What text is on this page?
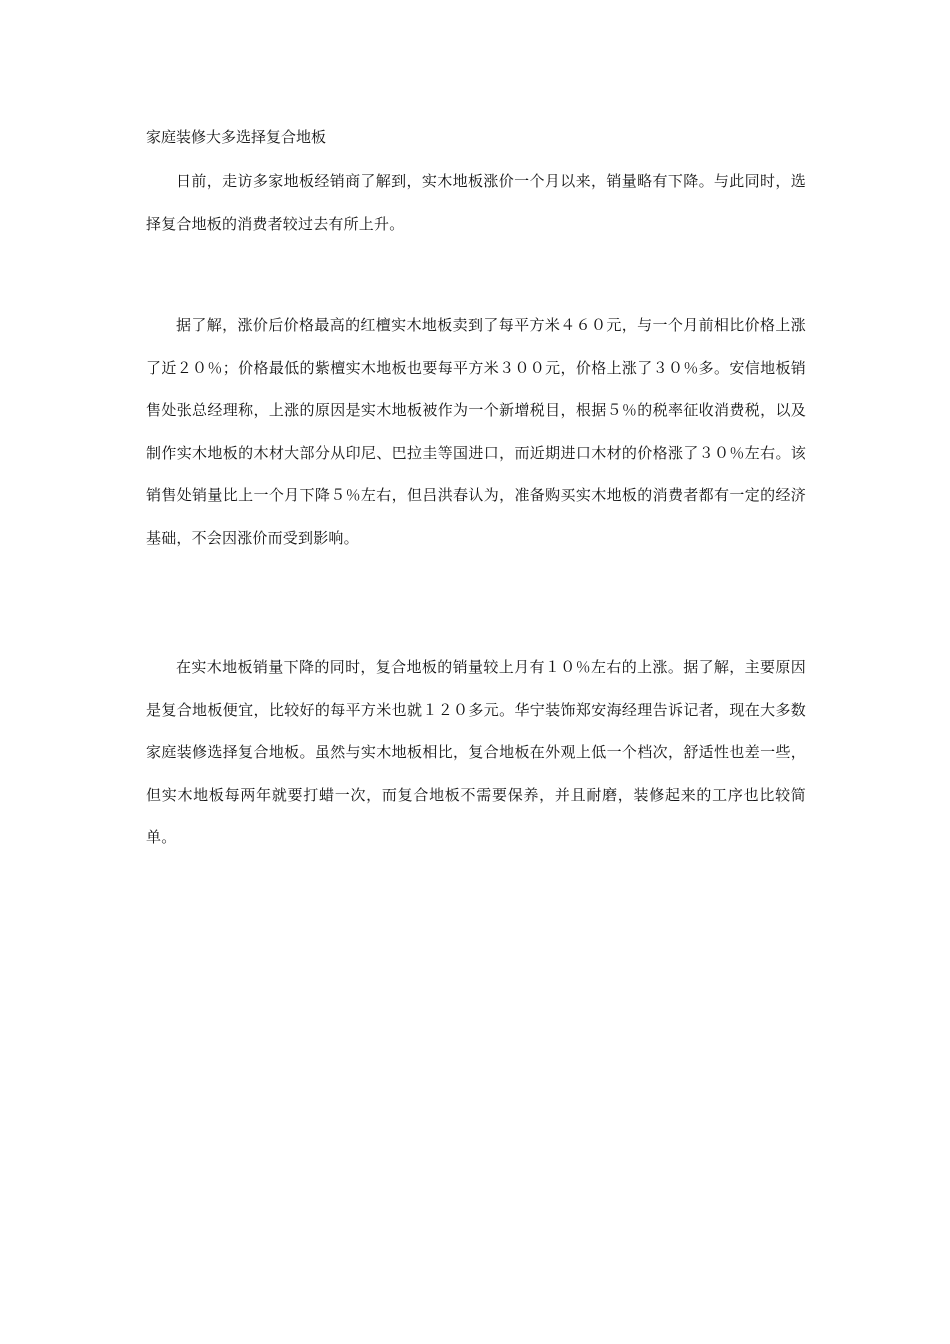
家庭装修大多选择复合地板

日前，走访多家地板经销商了解到，实木地板涨价一个月以来，销量略有下降。与此同时，选择复合地板的消费者较过去有所上升。

据了解，涨价后价格最高的红檀实木地板卖到了每平方米４６０元，与一个月前相比价格上涨了近２０％；价格最低的紫檀实木地板也要每平方米３００元，价格上涨了３０％多。安信地板销售处张总经理称，上涨的原因是实木地板被作为一个新增税目，根据５％的税率征收消费税，以及制作实木地板的木材大部分从印尼、巴拉圭等国进口，而近期进口木材的价格涨了３０％左右。该销售处销量比上一个月下降５％左右，但吕洪春认为，准备购买实木地板的消费者都有一定的经济基础，不会因涨价而受到影响。

在实木地板销量下降的同时，复合地板的销量较上月有１０％左右的上涨。据了解，主要原因是复合地板便宜，比较好的每平方米也就１２０多元。华宁装饰郑安海经理告诉记者，现在大多数家庭装修选择复合地板。虽然与实木地板相比，复合地板在外观上低一个档次，舒适性也差一些，但实木地板每两年就要打蜡一次，而复合地板不需要保养，并且耐磨，装修起来的工序也比较简单。
